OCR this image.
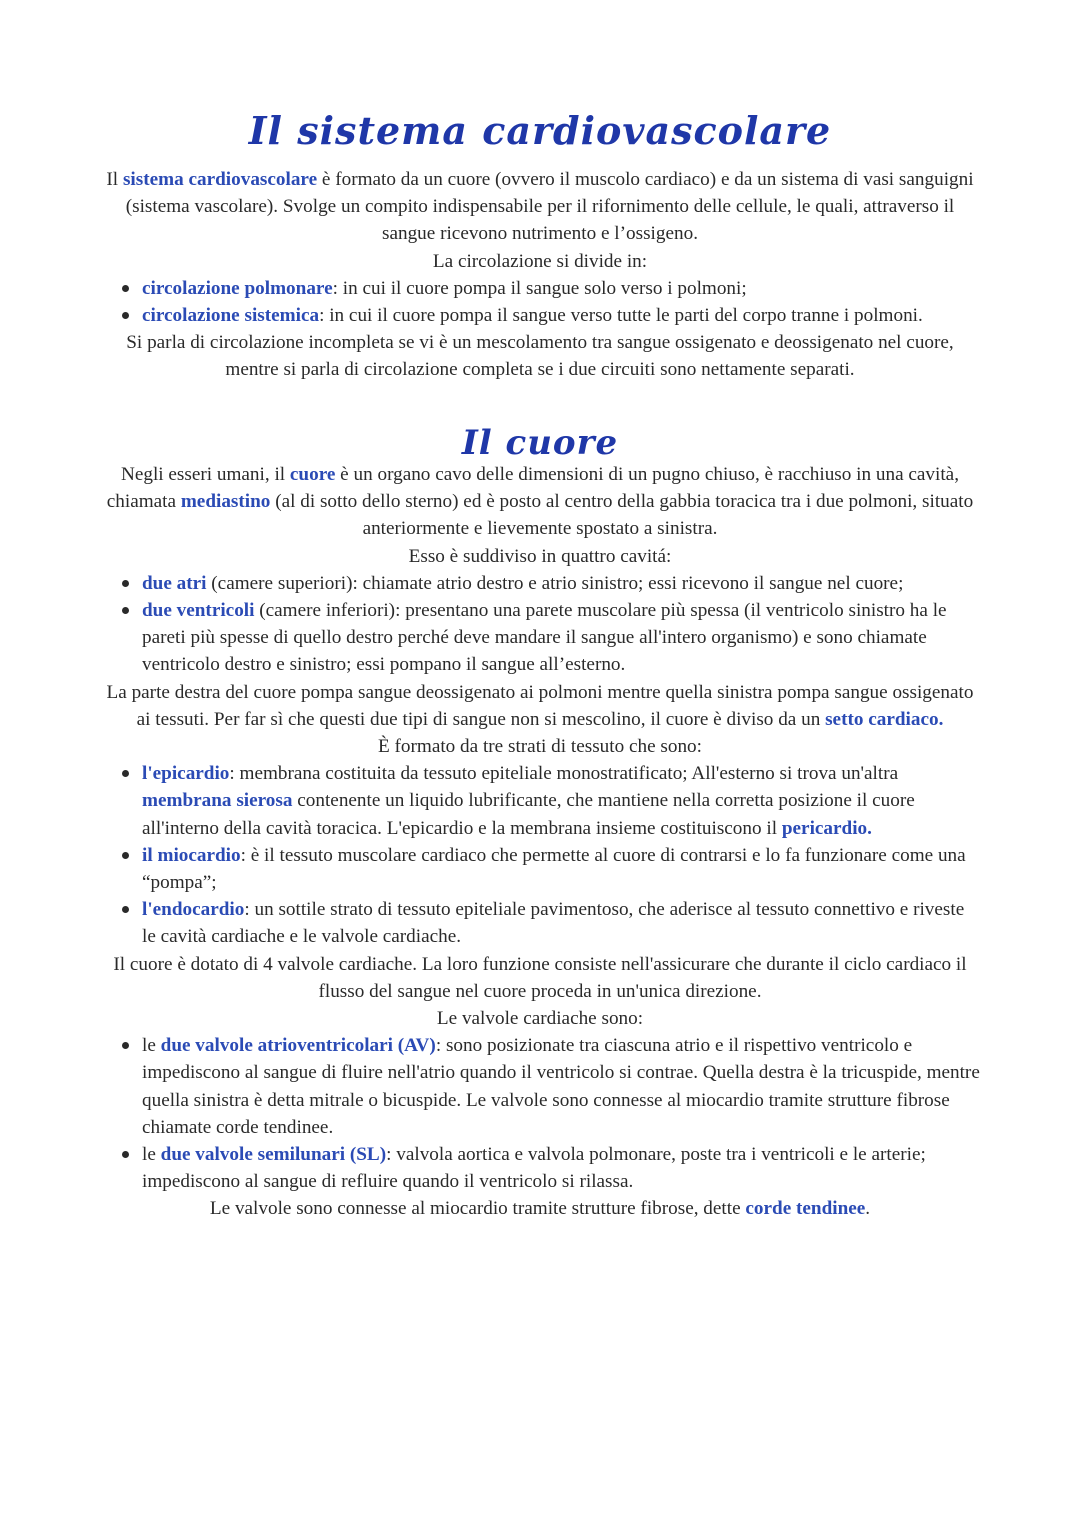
Il sistema cardiovascolare

Il sistema cardiovascolare è formato da un cuore (ovvero il muscolo cardiaco) e da un sistema di vasi sanguigni (sistema vascolare). Svolge un compito indispensabile per il rifornimento delle cellule, le quali, attraverso il sangue ricevono nutrimento e l’ossigeno.

La circolazione si divide in:

circolazione polmonare: in cui il cuore pompa il sangue solo verso i polmoni;
circolazione sistemica: in cui il cuore pompa il sangue verso tutte le parti del corpo tranne i polmoni.

Si parla di circolazione incompleta se vi è un mescolamento tra sangue ossigenato e deossigenato nel cuore, mentre si parla di circolazione completa se i due circuiti sono nettamente separati.

Il cuore

Negli esseri umani, il cuore è un organo cavo delle dimensioni di un pugno chiuso, è racchiuso in una cavità, chiamata mediastino (al di sotto dello sterno) ed è posto al centro della gabbia toracica tra i due polmoni, situato anteriormente e lievemente spostato a sinistra.

Esso è suddiviso in quattro cavitá:

due atri (camere superiori): chiamate atrio destro e atrio sinistro; essi ricevono il sangue nel cuore;
due ventricoli (camere inferiori): presentano una parete muscolare più spessa (il ventricolo sinistro ha le pareti più spesse di quello destro perché deve mandare il sangue all'intero organismo) e sono chiamate ventricolo destro e sinistro; essi pompano il sangue all’esterno.

La parte destra del cuore pompa sangue deossigenato ai polmoni mentre quella sinistra pompa sangue ossigenato ai tessuti. Per far sì che questi due tipi di sangue non si mescolino, il cuore è diviso da un setto cardiaco.

È formato da tre strati di tessuto che sono:

l'epicardio: membrana costituita da tessuto epiteliale monostratificato; All'esterno si trova un'altra membrana sierosa contenente un liquido lubrificante, che mantiene nella corretta posizione il cuore all'interno della cavità toracica. L'epicardio e la membrana insieme costituiscono il pericardio.
il miocardio: è il tessuto muscolare cardiaco che permette al cuore di contrarsi e lo fa funzionare come una “pompa”;
l'endocardio: un sottile strato di tessuto epiteliale pavimentoso, che aderisce al tessuto connettivo e riveste le cavità cardiache e le valvole cardiache.

Il cuore è dotato di 4 valvole cardiache. La loro funzione consiste nell'assicurare che durante il ciclo cardiaco il flusso del sangue nel cuore proceda in un'unica direzione.

Le valvole cardiache sono:

le due valvole atrioventricolari (AV): sono posizionate tra ciascuna atrio e il rispettivo ventricolo e impediscono al sangue di fluire nell'atrio quando il ventricolo si contrae. Quella destra è la tricuspide, mentre quella sinistra è detta mitrale o bicuspide. Le valvole sono connesse al miocardio tramite strutture fibrose chiamate corde tendinee.
le due valvole semilunari (SL): valvola aortica e valvola polmonare, poste tra i ventricoli e le arterie; impediscono al sangue di refluire quando il ventricolo si rilassa.

Le valvole sono connesse al miocardio tramite strutture fibrose, dette corde tendinee.
